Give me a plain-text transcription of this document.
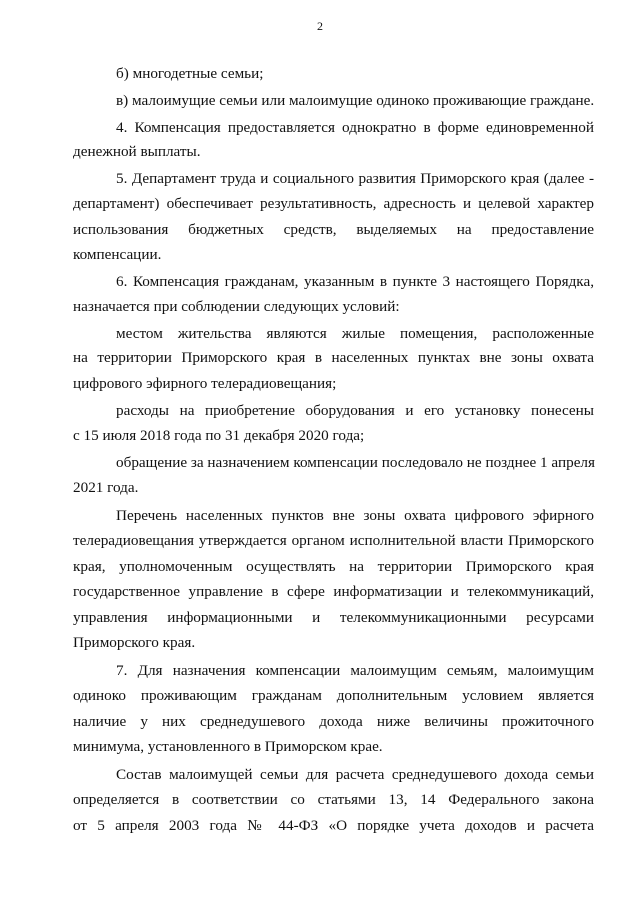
2
б) многодетные семьи;
в) малоимущие семьи или малоимущие одиноко проживающие граждане.
4. Компенсация предоставляется однократно в форме единовременной
денежной выплаты.
5. Департамент труда и социального развития Приморского края (далее -
департамент) обеспечивает результативность, адресность и целевой характер
использования бюджетных средств, выделяемых на предоставление
компенсации.
6. Компенсация гражданам, указанным в пункте 3 настоящего Порядка,
назначается при соблюдении следующих условий:
местом жительства являются жилые помещения, расположенные
на территории Приморского края в населенных пунктах вне зоны охвата
цифрового эфирного телерадиовещания;
расходы на приобретение оборудования и его установку понесены
с 15 июля 2018 года по 31 декабря 2020 года;
обращение за назначением компенсации последовало не позднее 1 апреля
2021 года.
Перечень населенных пунктов вне зоны охвата цифрового эфирного
телерадиовещания утверждается органом исполнительной власти Приморского
края, уполномоченным осуществлять на территории Приморского края
государственное управление в сфере информатизации и телекоммуникаций,
управления информационными и телекоммуникационными ресурсами
Приморского края.
7. Для назначения компенсации малоимущим семьям, малоимущим
одиноко проживающим гражданам дополнительным условием является
наличие у них среднедушевого дохода ниже величины прожиточного
минимума, установленного в Приморском крае.
Состав малоимущей семьи для расчета среднедушевого дохода семьи
определяется в соответствии со статьями 13, 14 Федерального закона
от 5 апреля 2003 года № 44-ФЗ «О порядке учета доходов и расчета
